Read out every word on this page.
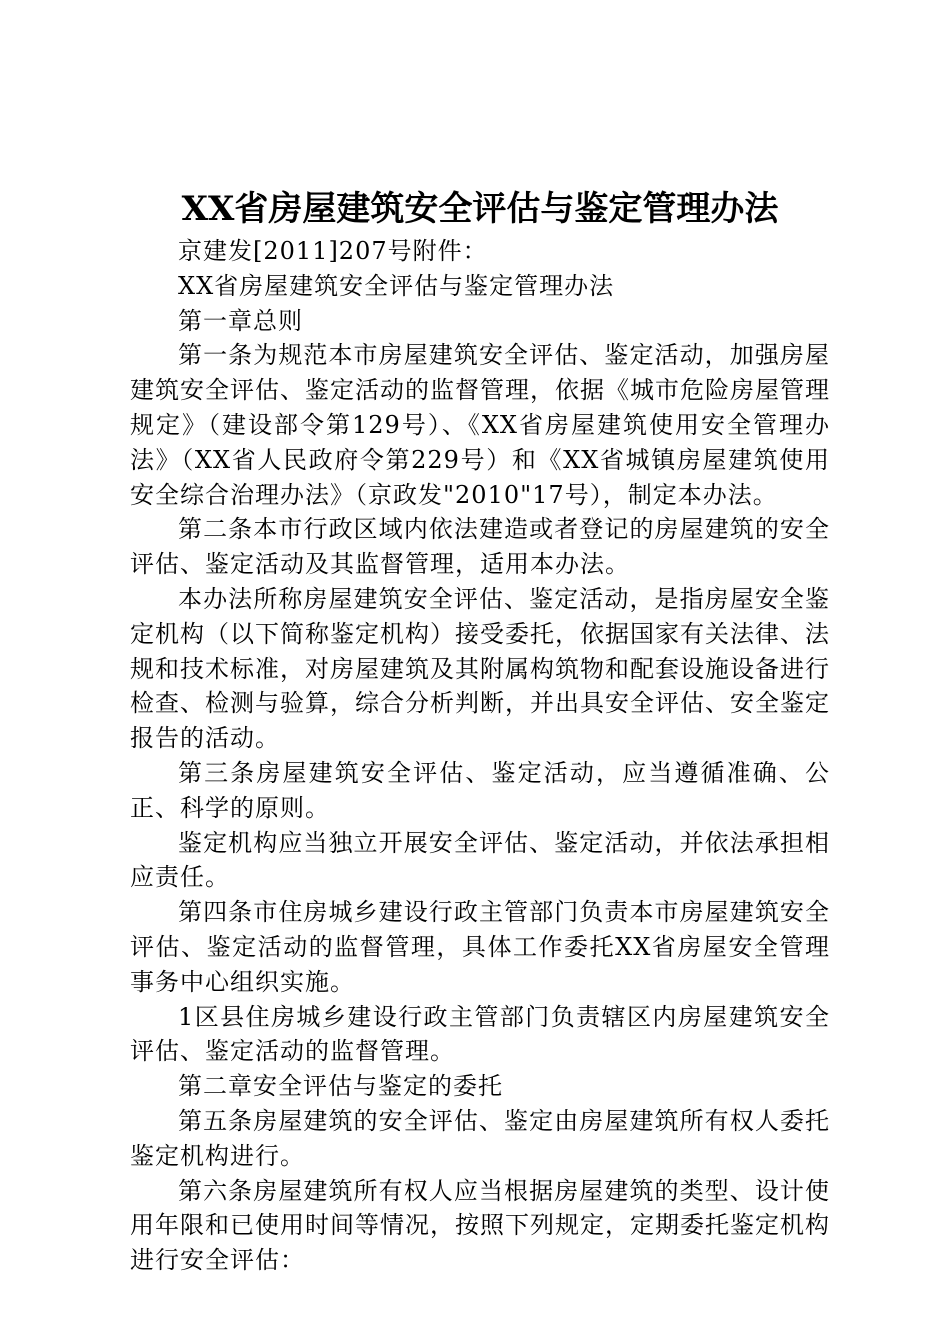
XX省房屋建筑安全评估与鉴定管理办法

京建发[2011]207号附件：

XX省房屋建筑安全评估与鉴定管理办法

第一章总则

第一条为规范本市房屋建筑安全评估、鉴定活动，加强房屋建筑安全评估、鉴定活动的监督管理，依据《城市危险房屋管理规定》（建设部令第129号）、《XX省房屋建筑使用安全管理办法》（XX省人民政府令第229号）和《XX省城镇房屋建筑使用安全综合治理办法》（京政发"2010"17号），制定本办法。

第二条本市行政区域内依法建造或者登记的房屋建筑的安全评估、鉴定活动及其监督管理，适用本办法。

本办法所称房屋建筑安全评估、鉴定活动，是指房屋安全鉴定机构（以下简称鉴定机构）接受委托，依据国家有关法律、法规和技术标准，对房屋建筑及其附属构筑物和配套设施设备进行检查、检测与验算，综合分析判断，并出具安全评估、安全鉴定报告的活动。

第三条房屋建筑安全评估、鉴定活动，应当遵循准确、公正、科学的原则。

鉴定机构应当独立开展安全评估、鉴定活动，并依法承担相应责任。

第四条市住房城乡建设行政主管部门负责本市房屋建筑安全评估、鉴定活动的监督管理，具体工作委托XX省房屋安全管理事务中心组织实施。

1区县住房城乡建设行政主管部门负责辖区内房屋建筑安全评估、鉴定活动的监督管理。

第二章安全评估与鉴定的委托

第五条房屋建筑的安全评估、鉴定由房屋建筑所有权人委托鉴定机构进行。

第六条房屋建筑所有权人应当根据房屋建筑的类型、设计使用年限和已使用时间等情况，按照下列规定，定期委托鉴定机构进行安全评估：
